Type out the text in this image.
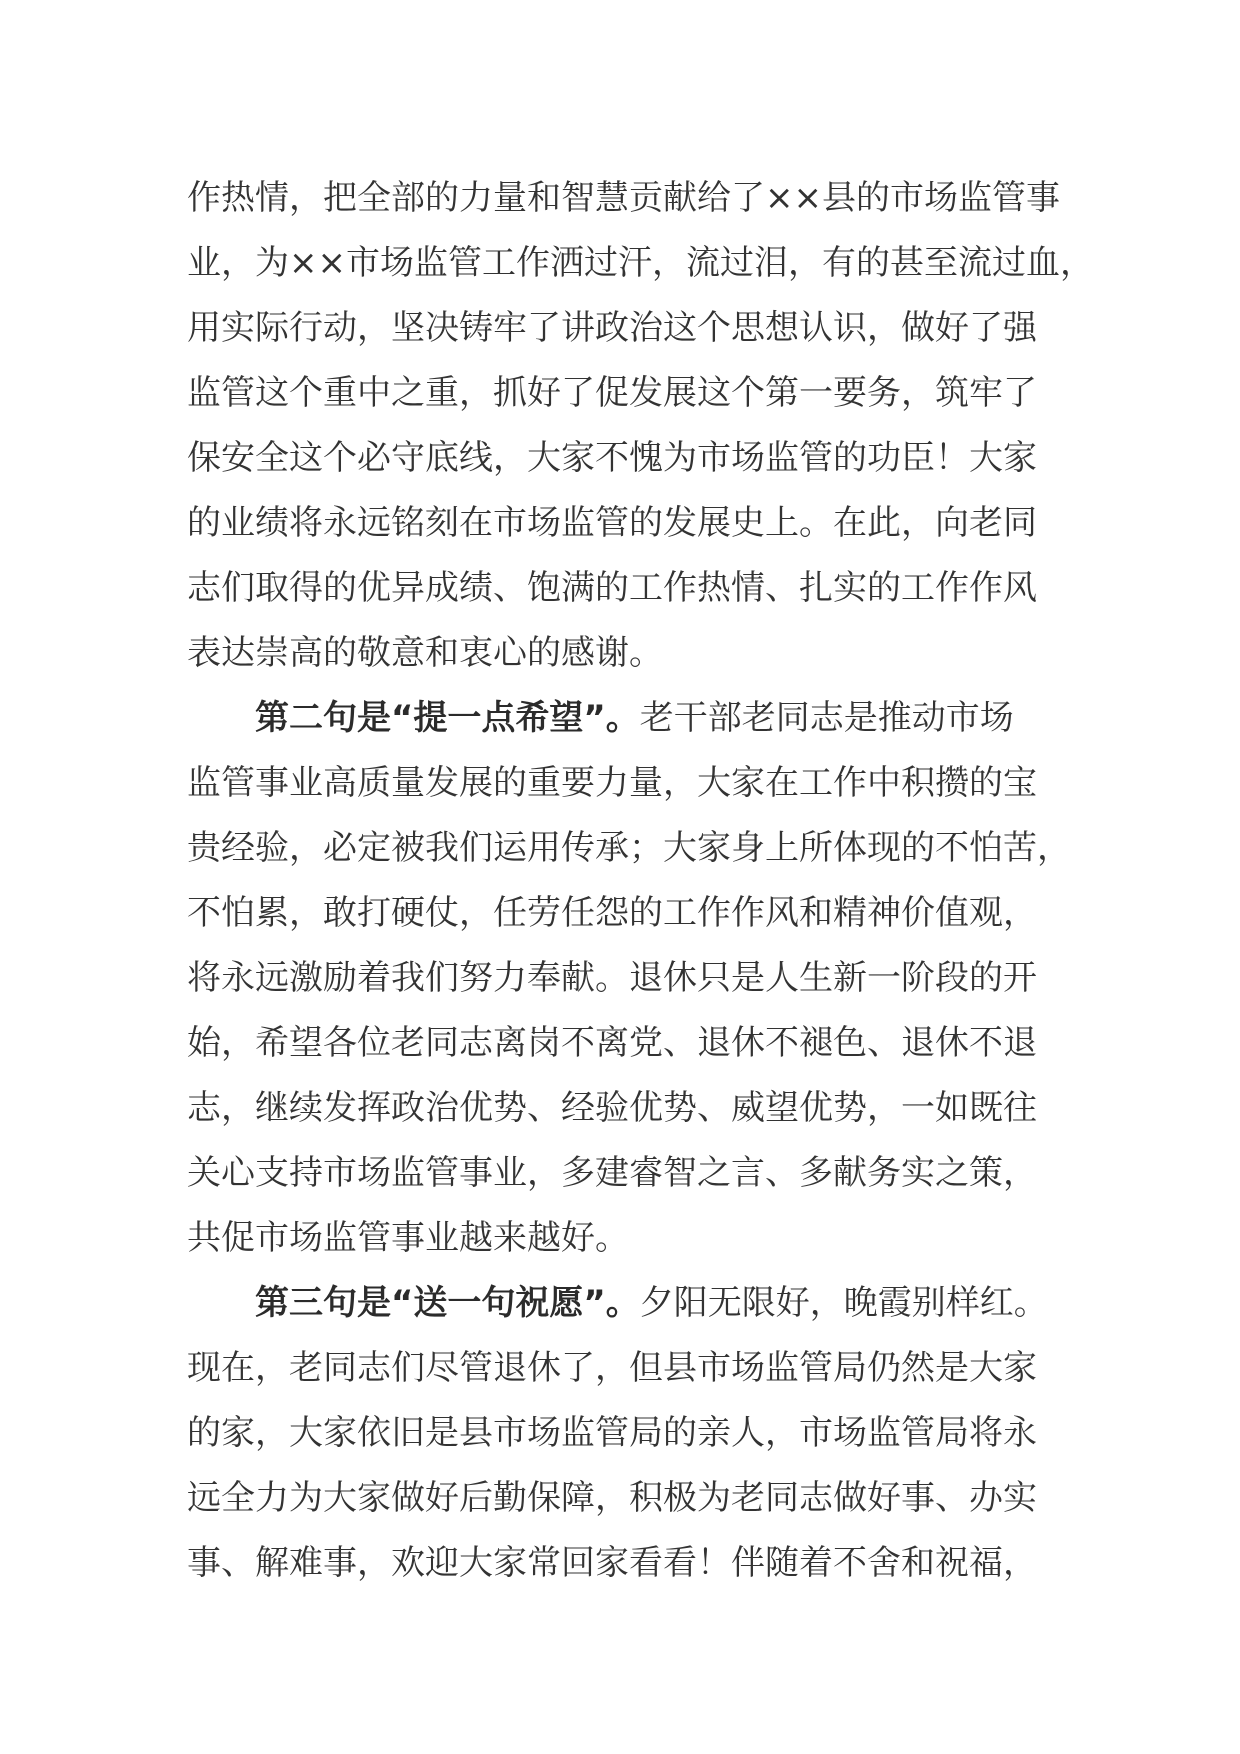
作热情，把全部的力量和智慧贡献给了××县的市场监管事
业，为××市场监管工作洒过汗，流过泪，有的甚至流过血，
用实际行动，坚决铸牢了讲政治这个思想认识，做好了强
监管这个重中之重，抓好了促发展这个第一要务，筑牢了
保安全这个必守底线，大家不愧为市场监管的功臣！大家
的业绩将永远铭刻在市场监管的发展史上。在此，向老同
志们取得的优异成绩、饱满的工作热情、扎实的工作作风
表达崇高的敬意和衷心的感谢。
第二句是“提一点希望”。老干部老同志是推动市场
监管事业高质量发展的重要力量，大家在工作中积攒的宝
贵经验，必定被我们运用传承；大家身上所体现的不怕苦，
不怕累，敢打硬仗，任劳任怨的工作作风和精神价值观，
将永远激励着我们努力奉献。退休只是人生新一阶段的开
始，希望各位老同志离岗不离党、退休不褪色、退休不退
志，继续发挥政治优势、经验优势、威望优势，一如既往
关心支持市场监管事业，多建睿智之言、多献务实之策，
共促市场监管事业越来越好。
第三句是“送一句祝愿”。夕阳无限好，晚霞别样红。
现在，老同志们尽管退休了，但县市场监管局仍然是大家
的家，大家依旧是县市场监管局的亲人，市场监管局将永
远全力为大家做好后勤保障，积极为老同志做好事、办实
事、解难事，欢迎大家常回家看看！伴随着不舍和祝福，
